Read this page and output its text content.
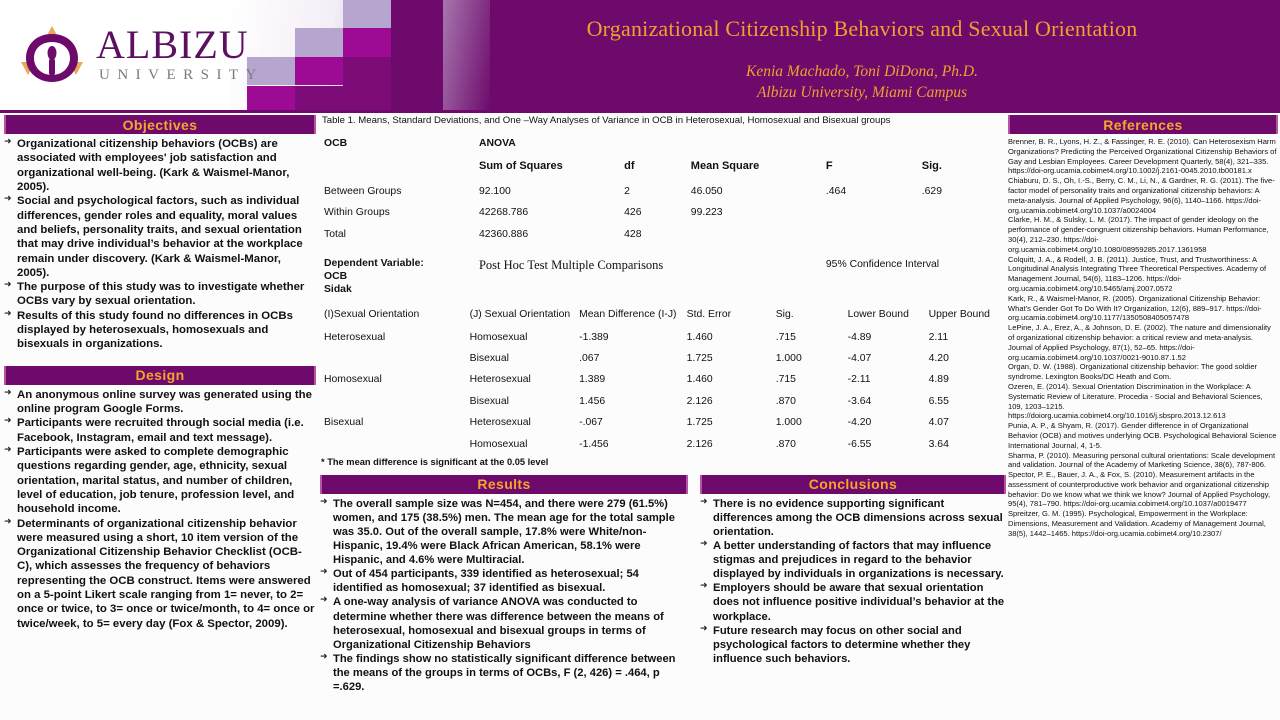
ALBIZU
UNIVERSITY
Organizational Citizenship Behaviors and Sexual Orientation
Kenia Machado, Toni DiDona, Ph.D.
Albizu University, Miami Campus
Objectives
➜ Organizational citizenship behaviors (OCBs) are associated with employees' job satisfaction and organizational well-being. (Kark & Waismel-Manor, 2005).
➜ Social and psychological factors, such as individual differences, gender roles and equality, moral values and beliefs, personality traits, and sexual orientation that may drive individual’s behavior at the workplace remain under discovery. (Kark & Waismel-Manor, 2005).
➜ The purpose of this study was to investigate whether OCBs vary by sexual orientation.
➜ Results of this study found no differences in OCBs displayed by heterosexuals, homosexuals and bisexuals in organizations.
Design
➜ An anonymous online survey was generated using the online program Google Forms.
➜ Participants were recruited through social media (i.e. Facebook, Instagram, email and text message).
➜ Participants were asked to complete demographic questions regarding gender, age, ethnicity, sexual orientation, marital status, and number of children, level of education, job tenure, profession level, and household income.
➜ Determinants of organizational citizenship behavior were measured using a short, 10 item version of the Organizational Citizenship Behavior Checklist (OCB-C), which assesses the frequency of behaviors representing the OCB construct. Items were answered on a 5-point Likert scale ranging from 1= never, to 2= once or twice, to 3= once or twice/month, to 4= once or twice/week, to 5= every day (Fox & Spector, 2009).
Table 1. Means, Standard Deviations, and One –Way Analyses of Variance in OCB in Heterosexual, Homosexual and Bisexual groups
OCB	ANOVA				
	Sum of Squares	df	Mean Square	F	Sig.
Between Groups	92.100	2	46.050	.464	.629
Within Groups	42268.786	426	99.223		
Total	42360.886	428			

Dependent Variable:
OCB
Sidak	Post Hoc Test Multiple Comparisons			95% Confidence Interval	
(I)Sexual Orientation	(J) Sexual Orientation	Mean Difference (I-J)	Std. Error	Sig.	Lower Bound	Upper Bound
Heterosexual	Homosexual	-1.389	1.460	.715	-4.89	2.11
	Bisexual	.067	1.725	1.000	-4.07	4.20
Homosexual	Heterosexual	1.389	1.460	.715	-2.11	4.89
	Bisexual	1.456	2.126	.870	-3.64	6.55
Bisexual	Heterosexual	-.067	1.725	1.000	-4.20	4.07
	Homosexual	-1.456	2.126	.870	-6.55	3.64
* The mean difference is significant at the 0.05 level
Results
➜ The overall sample size was N=454, and there were 279 (61.5%) women, and 175 (38.5%) men. The mean age for the total sample was 35.0. Out of the overall sample, 17.8% were White/non-Hispanic, 19.4% were Black African American, 58.1% were Hispanic, and 4.6% were Multiracial.
➜ Out of 454 participants, 339 identified as heterosexual; 54 identified as homosexual; 37 identified as bisexual.
➜ A one-way analysis of variance ANOVA was conducted to determine whether there was difference between the means of heterosexual, homosexual and bisexual groups in terms of Organizational Citizenship Behaviors
➜ The findings show no statistically significant difference between the means of the groups in terms of OCBs, F (2, 426) = .464, p =.629.
Conclusions
➜ There is no evidence supporting significant differences among the OCB dimensions across sexual orientation.
➜ A better understanding of factors that may influence stigmas and prejudices in regard to the behavior displayed by individuals in organizations is necessary.
➜ Employers should be aware that sexual orientation does not influence positive individual’s behavior at the workplace.
➜ Future research may focus on other social and psychological factors to determine whether they influence such behaviors.
References

Brenner, B. R., Lyons, H. Z., & Fassinger, R. E. (2010). Can Heterosexism Harm Organizations? Predicting the Perceived Organizational Citizenship Behaviors of Gay and Lesbian Employees. Career Development Quarterly, 58(4), 321–335. https://doi-org.ucamia.cobimet4.org/10.1002/j.2161-0045.2010.tb00181.x

Chiaburu, D. S., Oh, I.-S., Berry, C. M., Li, N., & Gardner, R. G. (2011). The five-factor model of personality traits and organizational citizenship behaviors: A meta-analysis. Journal of Applied Psychology, 96(6), 1140–1166. https://doi-org.ucamia.cobimet4.org/10.1037/a0024004

Clarke, H. M., & Sulsky, L. M. (2017). The impact of gender ideology on the performance of gender-congruent citizenship behaviors. Human Performance, 30(4), 212–230. https://doi-org.ucamia.cobimet4.org/10.1080/08959285.2017.1361958

Colquitt, J. A., & Rodell, J. B. (2011). Justice, Trust, and Trustworthiness: A Longitudinal Analysis Integrating Three Theoretical Perspectives. Academy of Management Journal, 54(6), 1183–1206. https://doi-org.ucamia.cobimet4.org/10.5465/amj.2007.0572

Kark, R., & Waismel-Manor, R. (2005). Organizational Citizenship Behavior: What’s Gender Got To Do With It? Organization, 12(6), 889–917. https://doi-org.ucamia.cobimet4.org/10.1177/1350508405057478

LePine, J. A., Erez, A., & Johnson, D. E. (2002). The nature and dimensionality of organizational citizenship behavior: a critical review and meta-analysis. Journal of Applied Psychology, 87(1), 52–65. https://doi-org.ucamia.cobimet4.org/10.1037/0021-9010.87.1.52

Organ, D. W. (1988). Organizational citizenship behavior: The good soldier syndrome. Lexington Books/DC Heath and Com.

Ozeren, E. (2014). Sexual Orientation Discrimination in the Workplace: A Systematic Review of Literature. Procedia - Social and Behavioral Sciences, 109, 1203–1215. https://doiorg.ucamia.cobimet4.org/10.1016/j.sbspro.2013.12.613

Punia, A. P., & Shyam, R. (2017). Gender difference in of Organizational Behavior (OCB) and motives underlying OCB. Psychological Behavioral Science International Journal, 4, 1-5.

Sharma, P. (2010). Measuring personal cultural orientations: Scale development and validation. Journal of the Academy of Marketing Science, 38(6), 787-806.

Spector, P. E., Bauer, J. A., & Fox, S. (2010). Measurement artifacts in the assessment of counterproductive work behavior and organizational citizenship behavior: Do we know what we think we know? Journal of Applied Psychology, 95(4), 781–790. https://doi-org.ucamia.cobimet4.org/10.1037/a0019477

Spreitzer, G. M. (1995). Psychological, Empowerment in the Workplace: Dimensions, Measurement and Validation. Academy of Management Journal, 38(5), 1442–1465. https://doi-org.ucamia.cobimet4.org/10.2307/
